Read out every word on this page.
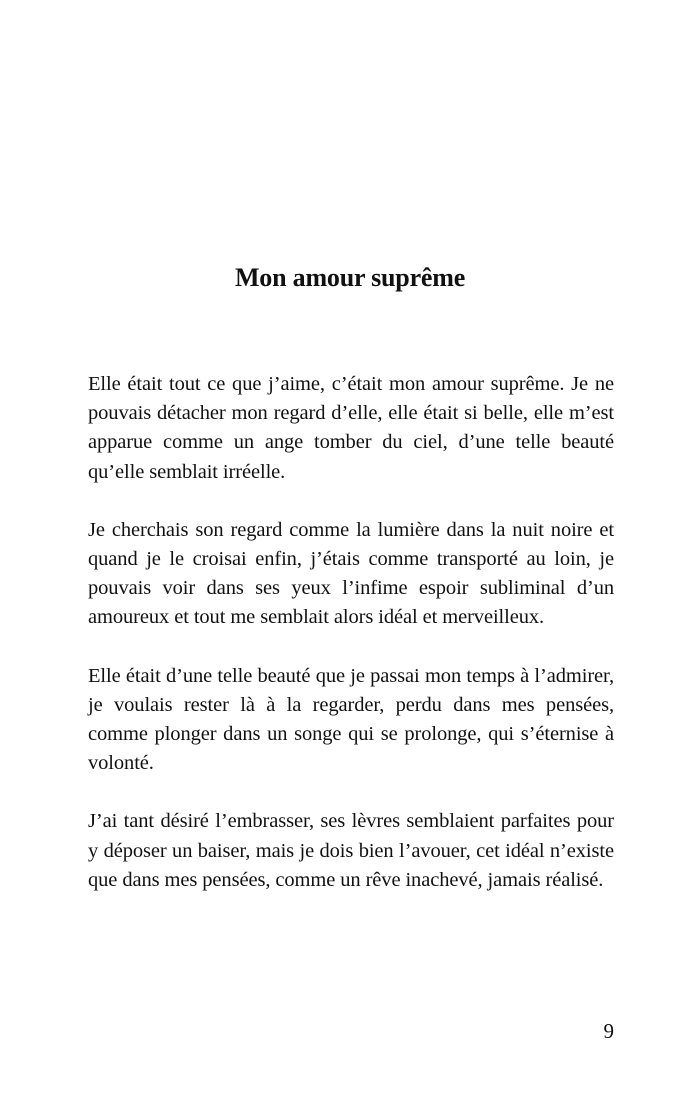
Mon amour suprême

Elle était tout ce que j’aime, c’était mon amour suprême. Je ne pouvais détacher mon regard d’elle, elle était si belle, elle m’est apparue comme un ange tomber du ciel, d’une telle beauté qu’elle semblait irréelle.

Je cherchais son regard comme la lumière dans la nuit noire et quand je le croisai enfin, j’étais comme transporté au loin, je pouvais voir dans ses yeux l’infime espoir subliminal d’un amoureux et tout me semblait alors idéal et merveilleux.

Elle était d’une telle beauté que je passai mon temps à l’admirer, je voulais rester là à la regarder, perdu dans mes pensées, comme plonger dans un songe qui se prolonge, qui s’éternise à volonté.

J’ai tant désiré l’embrasser, ses lèvres semblaient parfaites pour y déposer un baiser, mais je dois bien l’avouer, cet idéal n’existe que dans mes pensées, comme un rêve inachevé, jamais réalisé.

9
